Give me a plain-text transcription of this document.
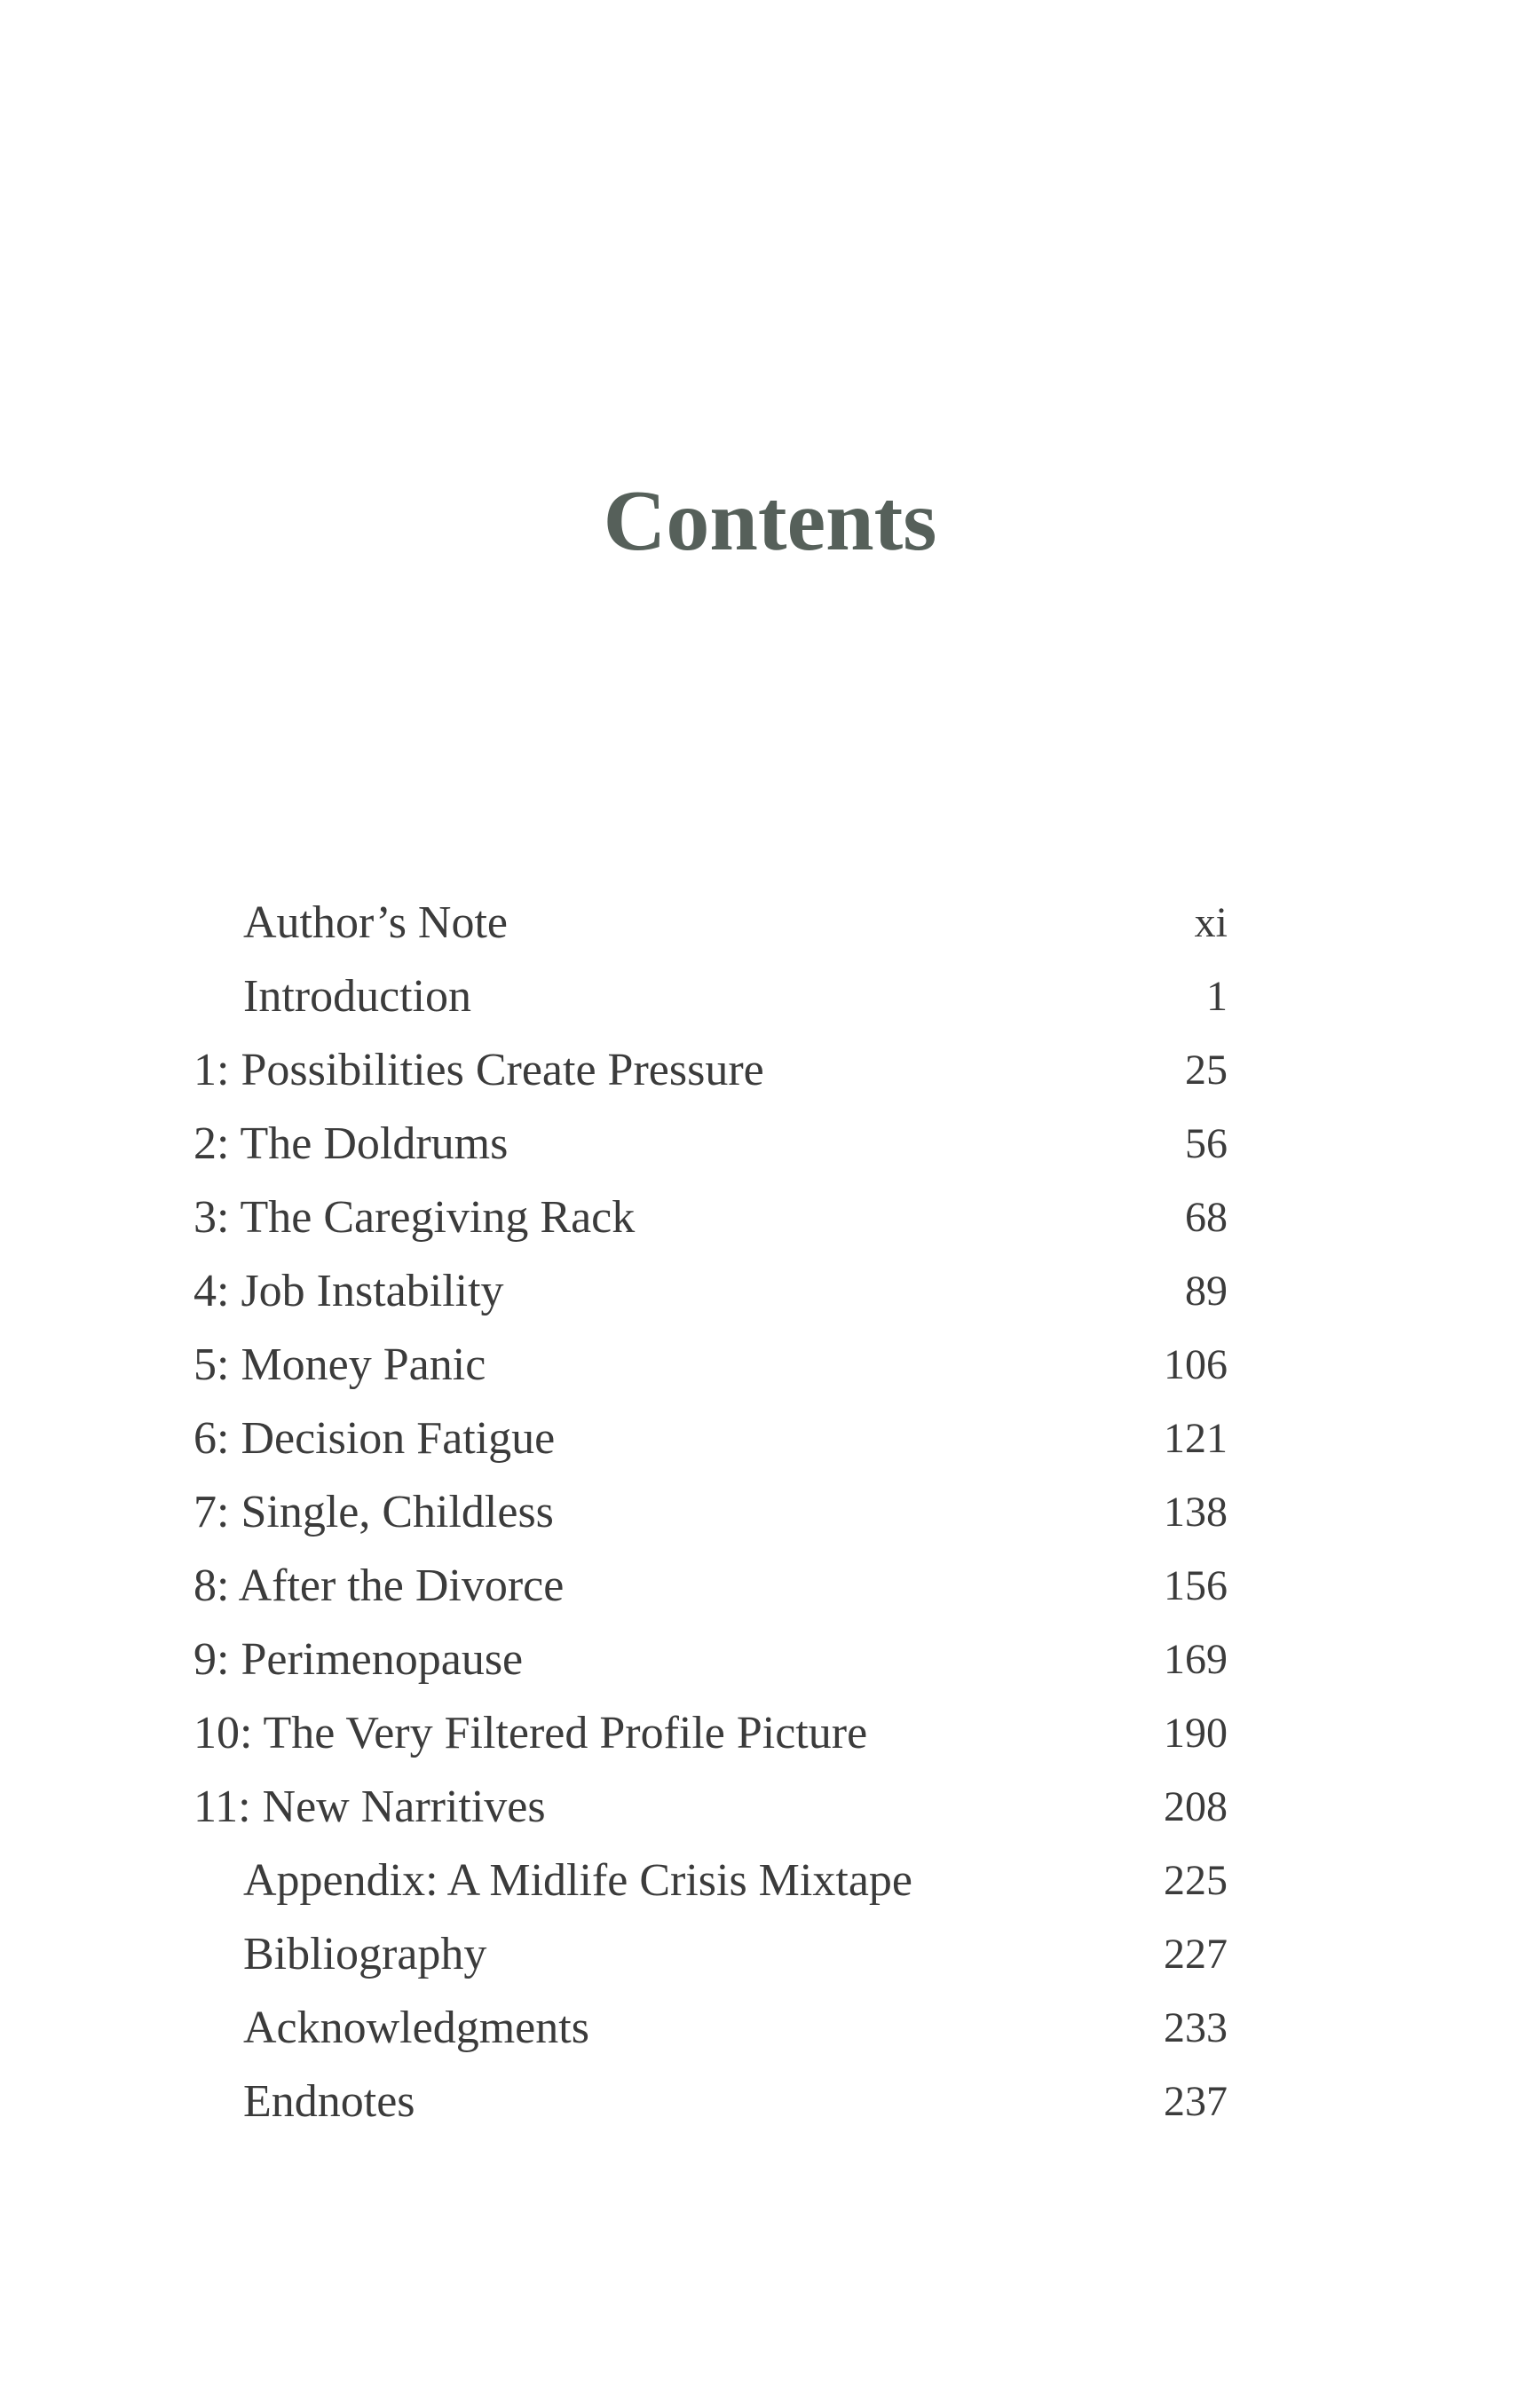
Contents
Author’s Note	xi
Introduction	1
1: Possibilities Create Pressure	25
2: The Doldrums	56
3: The Caregiving Rack	68
4: Job Instability	89
5: Money Panic	106
6: Decision Fatigue	121
7: Single, Childless	138
8: After the Divorce	156
9: Perimenopause	169
10: The Very Filtered Profile Picture	190
11: New Narritives	208
Appendix: A Midlife Crisis Mixtape	225
Bibliography	227
Acknowledgments	233
Endnotes	237
